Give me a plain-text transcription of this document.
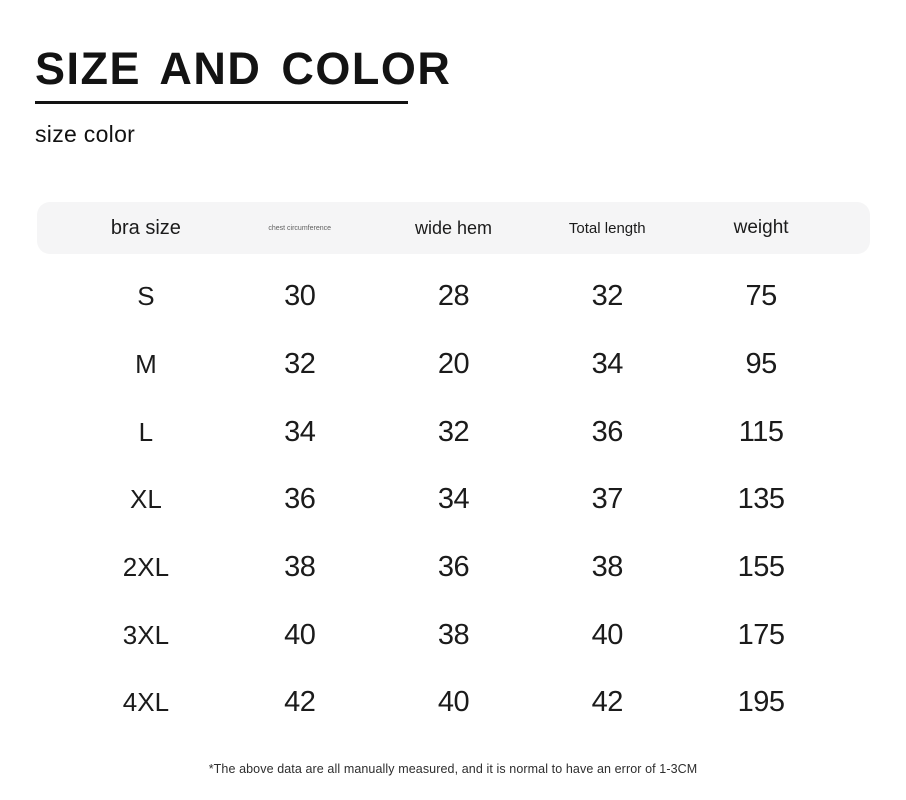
SIZE AND COLOR
size color
bra size	chest circumference	wide hem	Total length	weight
S	30	28	32	75
M	32	20	34	95
L	34	32	36	115
XL	36	34	37	135
2XL	38	36	38	155
3XL	40	38	40	175
4XL	42	40	42	195
*The above data are all manually measured, and it is normal to have an error of 1-3CM
